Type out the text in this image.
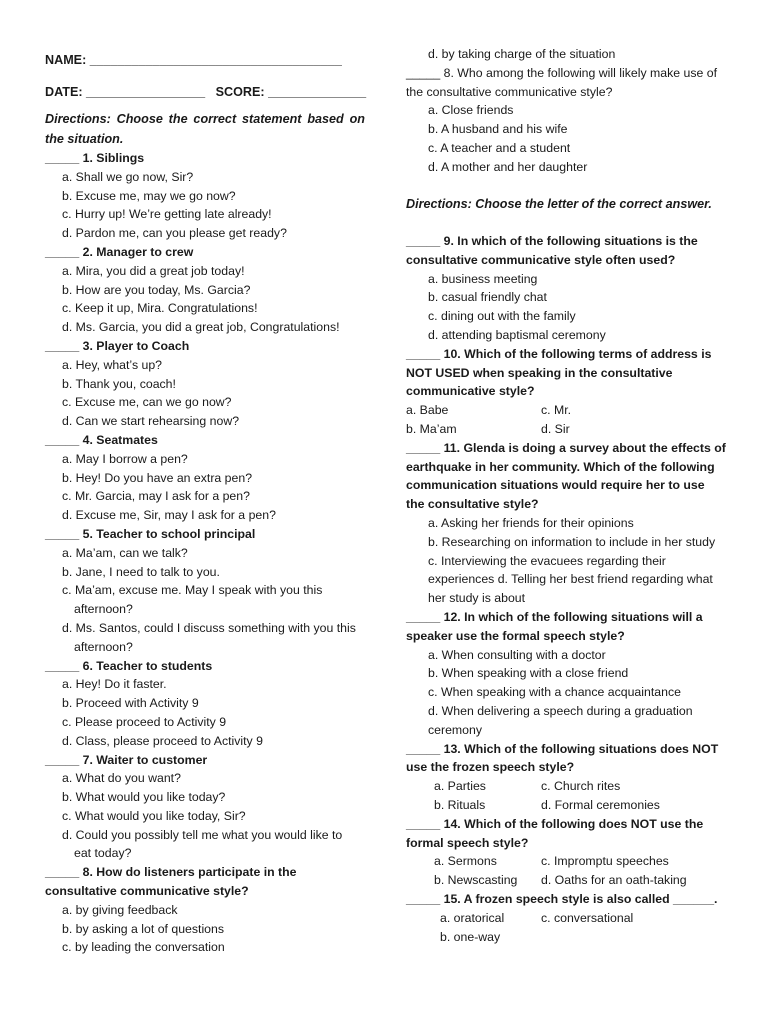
NAME: ____________________________________
DATE: _________________ SCORE: ______________
Directions: Choose the correct statement based on the situation.
_____ 1. Siblings
a. Shall we go now, Sir?
b. Excuse me, may we go now?
c. Hurry up! We’re getting late already!
d. Pardon me, can you please get ready?
_____ 2. Manager to crew
a. Mira, you did a great job today!
b. How are you today, Ms. Garcia?
c. Keep it up, Mira. Congratulations!
d. Ms. Garcia, you did a great job, Congratulations!
_____ 3. Player to Coach
a. Hey, what’s up?
b. Thank you, coach!
c. Excuse me, can we go now?
d. Can we start rehearsing now?
_____ 4. Seatmates
a. May I borrow a pen?
b. Hey! Do you have an extra pen?
c. Mr. Garcia, may I ask for a pen?
d. Excuse me, Sir, may I ask for a pen?
_____ 5. Teacher to school principal
a. Ma’am, can we talk?
b. Jane, I need to talk to you.
c. Ma’am, excuse me. May I speak with you this
afternoon?
d. Ms. Santos, could I discuss something with you this
afternoon?
_____ 6. Teacher to students
a. Hey! Do it faster.
b. Proceed with Activity 9
c. Please proceed to Activity 9
d. Class, please proceed to Activity 9
_____ 7. Waiter to customer
a. What do you want?
b. What would you like today?
c. What would you like today, Sir?
d. Could you possibly tell me what you would like to
eat today?
_____ 8. How do listeners participate in the consultative communicative style?
a. by giving feedback
b. by asking a lot of questions
c. by leading the conversation
d. by taking charge of the situation
_____ 8. Who among the following will likely make use of the consultative communicative style?
a. Close friends
b. A husband and his wife
c. A teacher and a student
d. A mother and her daughter
Directions: Choose the letter of the correct answer.
_____ 9. In which of the following situations is the consultative communicative style often used?
a. business meeting
b. casual friendly chat
c. dining out with the family
d. attending baptismal ceremony
_____ 10. Which of the following terms of address is NOT USED when speaking in the consultative communicative style?
a. Babe	c. Mr.
b. Ma’am	d. Sir
_____ 11. Glenda is doing a survey about the effects of earthquake in her community. Which of the following communication situations would require her to use the consultative style?
a. Asking her friends for their opinions
b. Researching on information to include in her study
c. Interviewing the evacuees regarding their experiences d. Telling her best friend regarding what her study is about
_____ 12. In which of the following situations will a speaker use the formal speech style?
a. When consulting with a doctor
b. When speaking with a close friend
c. When speaking with a chance acquaintance
d. When delivering a speech during a graduation ceremony
_____ 13. Which of the following situations does NOT use the frozen speech style?
a. Parties	c. Church rites
b. Rituals	d. Formal ceremonies
_____ 14. Which of the following does NOT use the formal speech style?
a. Sermons	c. Impromptu speeches
b. Newscasting	d. Oaths for an oath-taking
_____ 15. A frozen speech style is also called ______.
a. oratorical	c. conversational
b. one-way
